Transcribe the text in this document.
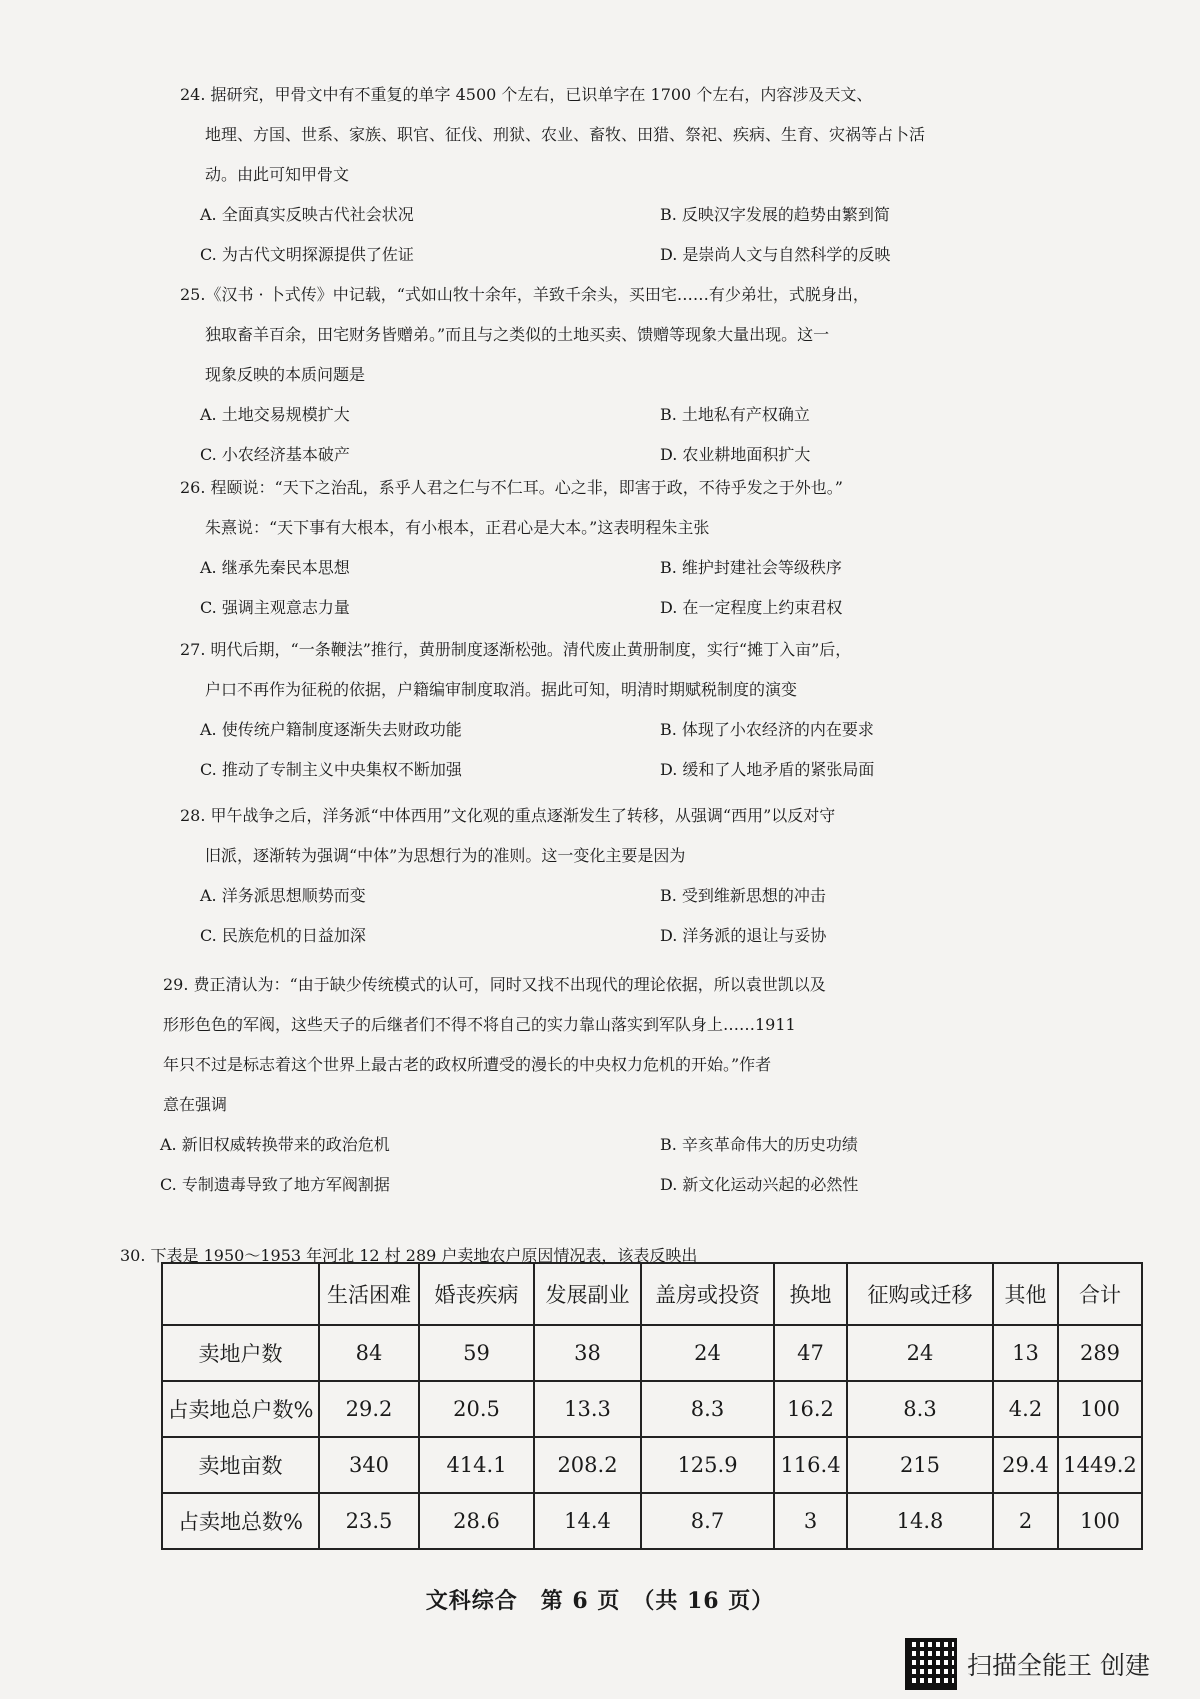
24. 据研究，甲骨文中有不重复的单字 4500 个左右，已识单字在 1700 个左右，内容涉及天文、
地理、方国、世系、家族、职官、征伐、刑狱、农业、畜牧、田猎、祭祀、疾病、生育、灾祸等占卜活
动。由此可知甲骨文
A. 全面真实反映古代社会状况	B. 反映汉字发展的趋势由繁到简
C. 为古代文明探源提供了佐证	D. 是崇尚人文与自然科学的反映
25.《汉书 · 卜式传》中记载，“式如山牧十余年，羊致千余头，买田宅……有少弟壮，式脱身出，
独取畜羊百余，田宅财务皆赠弟。”而且与之类似的土地买卖、馈赠等现象大量出现。这一
现象反映的本质问题是
A. 土地交易规模扩大	B. 土地私有产权确立
C. 小农经济基本破产	D. 农业耕地面积扩大
26. 程颐说：“天下之治乱，系乎人君之仁与不仁耳。心之非，即害于政，不待乎发之于外也。”
朱熹说：“天下事有大根本，有小根本，正君心是大本。”这表明程朱主张
A. 继承先秦民本思想	B. 维护封建社会等级秩序
C. 强调主观意志力量	D. 在一定程度上约束君权
27. 明代后期，“一条鞭法”推行，黄册制度逐渐松弛。清代废止黄册制度，实行“摊丁入亩”后，
户口不再作为征税的依据，户籍编审制度取消。据此可知，明清时期赋税制度的演变
A. 使传统户籍制度逐渐失去财政功能	B. 体现了小农经济的内在要求
C. 推动了专制主义中央集权不断加强	D. 缓和了人地矛盾的紧张局面
28. 甲午战争之后，洋务派“中体西用”文化观的重点逐渐发生了转移，从强调“西用”以反对守
旧派，逐渐转为强调“中体”为思想行为的准则。这一变化主要是因为
A. 洋务派思想顺势而变	B. 受到维新思想的冲击
C. 民族危机的日益加深	D. 洋务派的退让与妥协
29. 费正清认为：“由于缺少传统模式的认可，同时又找不出现代的理论依据，所以袁世凯以及
形形色色的军阀，这些天子的后继者们不得不将自己的实力靠山落实到军队身上……1911
年只不过是标志着这个世界上最古老的政权所遭受的漫长的中央权力危机的开始。”作者
意在强调
A. 新旧权威转换带来的政治危机	B. 辛亥革命伟大的历史功绩
C. 专制遗毒导致了地方军阀割据	D. 新文化运动兴起的必然性
30. 下表是 1950～1953 年河北 12 村 289 户卖地农户原因情况表，该表反映出
	生活困难	婚丧疾病	发展副业	盖房或投资	换地	征购或迁移	其他	合计
卖地户数	84	59	38	24	47	24	13	289
占卖地总户数%	29.2	20.5	13.3	8.3	16.2	8.3	4.2	100
卖地亩数	340	414.1	208.2	125.9	116.4	215	29.4	1449.2
占卖地总数%	23.5	28.6	14.4	8.7	3	14.8	2	100
文科综合　第 6 页　（共 16 页）
扫描全能王 创建
